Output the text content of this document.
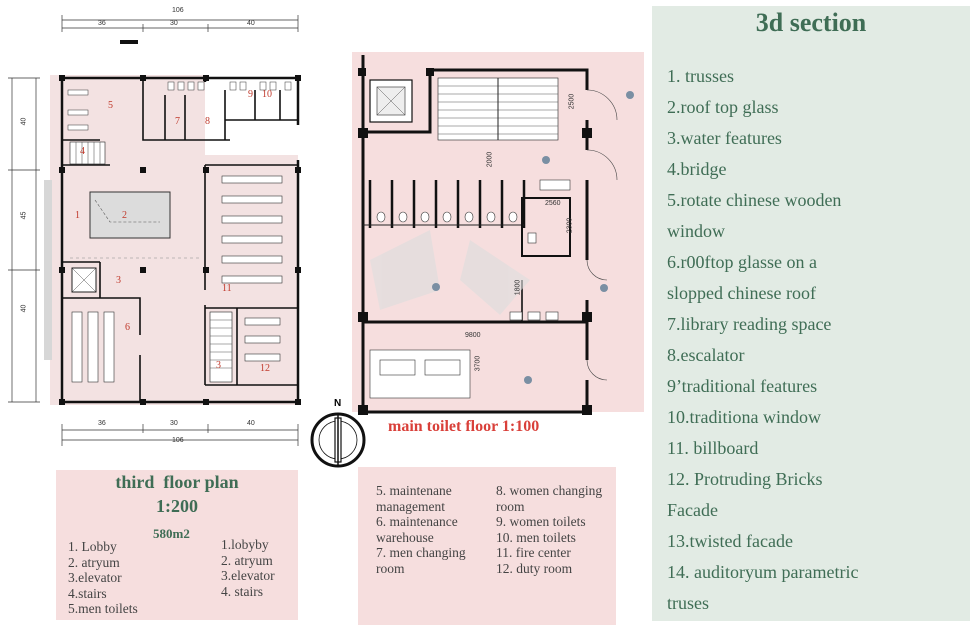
106
36	30	40
36	30	40
106
40
45
40
1	2
3
3
4
5
6
7	8
9 10
11
12
2500
2000
2560
2300
1800
9800
3700
N
main toilet floor 1:100
third  floor plan
1:200
580m2
1. Lobby
2. atryum
3.elevator
4.stairs
5.men toilets
1.lobyby
2. atryum
3.elevator
4. stairs
5. maintenane
management
6. maintenance
warehouse
7. men changing
room
8. women changing
room
9. women toilets
10. men toilets
11. fire center
12. duty room
3d section
1. trusses
2.roof top glass
3.water features
4.bridge
5.rotate chinese wooden
window
6.r00ftop glasse on a
slopped chinese roof
7.library reading space
8.escalator
9’traditional features
10.traditiona window
11. billboard
12. Protruding Bricks
Facade
13.twisted facade
14. auditoryum parametric
truses
